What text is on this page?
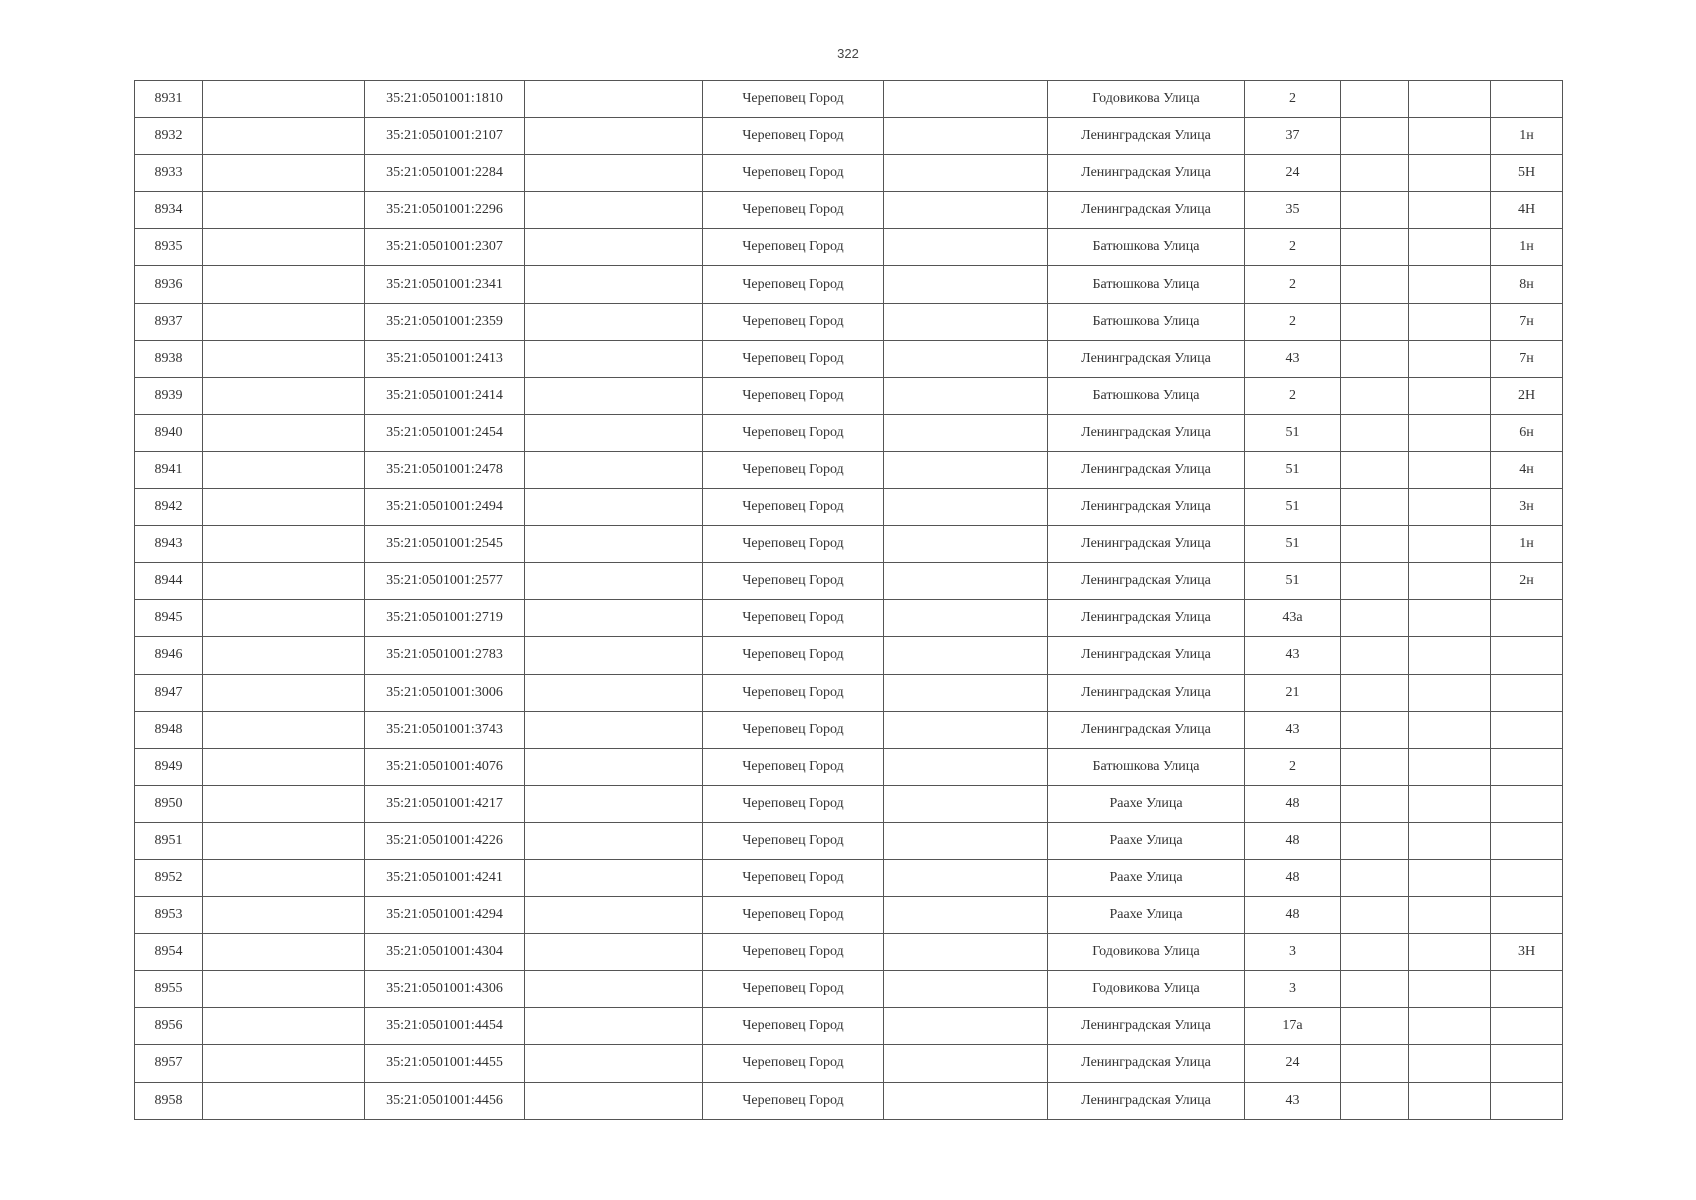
322
8931		35:21:0501001:1810		Череповец Город		Годовикова Улица	2			
8932		35:21:0501001:2107		Череповец Город		Ленинградская Улица	37			1н
8933		35:21:0501001:2284		Череповец Город		Ленинградская Улица	24			5Н
8934		35:21:0501001:2296		Череповец Город		Ленинградская Улица	35			4Н
8935		35:21:0501001:2307		Череповец Город		Батюшкова Улица	2			1н
8936		35:21:0501001:2341		Череповец Город		Батюшкова Улица	2			8н
8937		35:21:0501001:2359		Череповец Город		Батюшкова Улица	2			7н
8938		35:21:0501001:2413		Череповец Город		Ленинградская Улица	43			7н
8939		35:21:0501001:2414		Череповец Город		Батюшкова Улица	2			2Н
8940		35:21:0501001:2454		Череповец Город		Ленинградская Улица	51			6н
8941		35:21:0501001:2478		Череповец Город		Ленинградская Улица	51			4н
8942		35:21:0501001:2494		Череповец Город		Ленинградская Улица	51			3н
8943		35:21:0501001:2545		Череповец Город		Ленинградская Улица	51			1н
8944		35:21:0501001:2577		Череповец Город		Ленинградская Улица	51			2н
8945		35:21:0501001:2719		Череповец Город		Ленинградская Улица	43а			
8946		35:21:0501001:2783		Череповец Город		Ленинградская Улица	43			
8947		35:21:0501001:3006		Череповец Город		Ленинградская Улица	21			
8948		35:21:0501001:3743		Череповец Город		Ленинградская Улица	43			
8949		35:21:0501001:4076		Череповец Город		Батюшкова Улица	2			
8950		35:21:0501001:4217		Череповец Город		Раахе Улица	48			
8951		35:21:0501001:4226		Череповец Город		Раахе Улица	48			
8952		35:21:0501001:4241		Череповец Город		Раахе Улица	48			
8953		35:21:0501001:4294		Череповец Город		Раахе Улица	48			
8954		35:21:0501001:4304		Череповец Город		Годовикова Улица	3			3Н
8955		35:21:0501001:4306		Череповец Город		Годовикова Улица	3			
8956		35:21:0501001:4454		Череповец Город		Ленинградская Улица	17а			
8957		35:21:0501001:4455		Череповец Город		Ленинградская Улица	24			
8958		35:21:0501001:4456		Череповец Город		Ленинградская Улица	43			
